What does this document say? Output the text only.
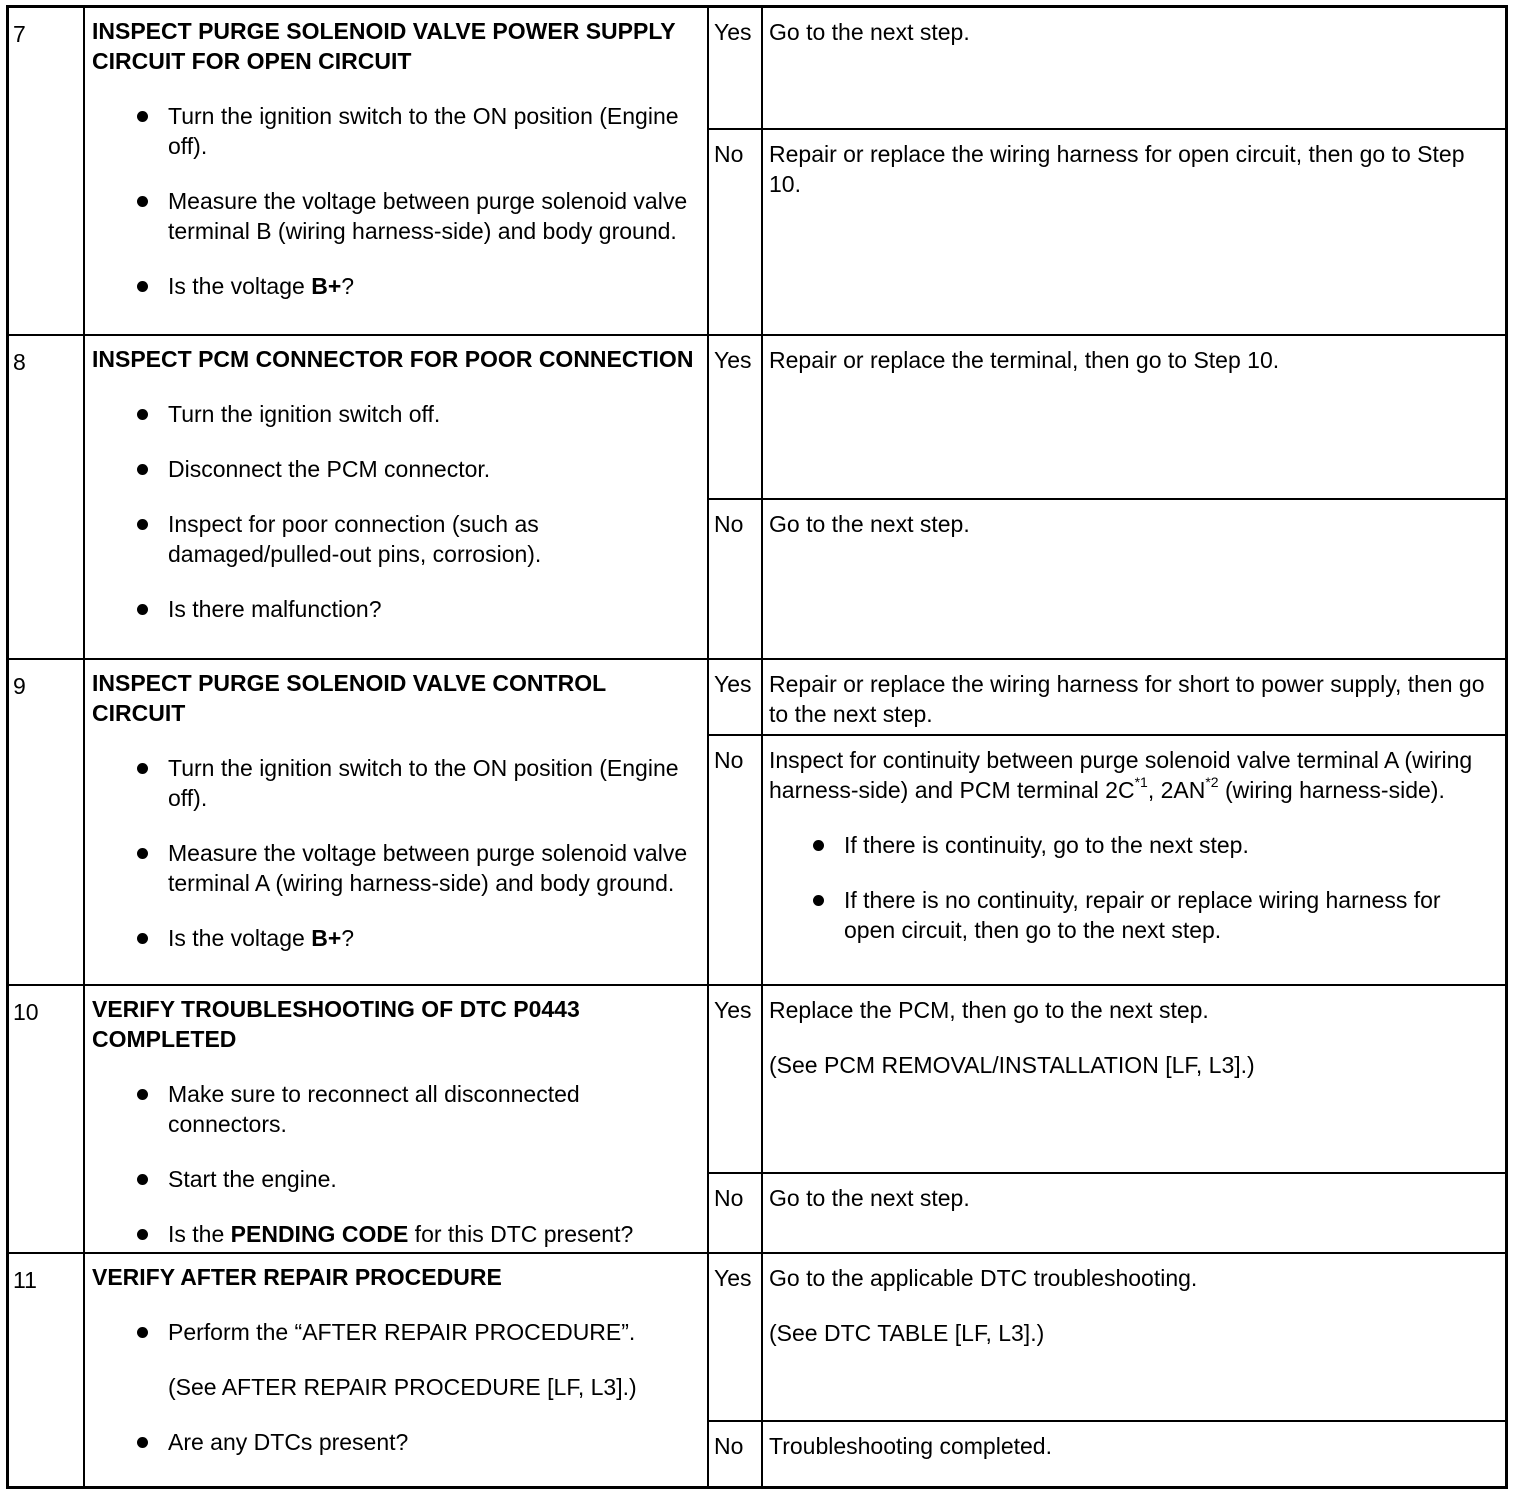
7	INSPECT PURGE SOLENOID VALVE POWER SUPPLY CIRCUIT FOR OPEN CIRCUIT

Turn the ignition switch to the ON position (Engine off).
Measure the voltage between purge solenoid valve terminal B (wiring harness-side) and body ground.
Is the voltage B+?
Yes Go to the next step.

No	Repair or replace the wiring harness for open circuit, then go to Step 10.

8	INSPECT PCM CONNECTOR FOR POOR CONNECTION

Turn the ignition switch off.
Disconnect the PCM connector.
Inspect for poor connection (such as damaged/pulled-out pins, corrosion).
Is there malfunction?
Yes Repair or replace the terminal, then go to Step 10.

No	Go to the next step.

9	INSPECT PURGE SOLENOID VALVE CONTROL CIRCUIT

Turn the ignition switch to the ON position (Engine off).
Measure the voltage between purge solenoid valve terminal A (wiring harness-side) and body ground.
Is the voltage B+?
Yes Repair or replace the wiring harness for short to power supply, then go to the next step.

No	Inspect for continuity between purge solenoid valve terminal A (wiring harness-side) and PCM terminal $2C^{*1}$, 2AN$^{*2}$ (wiring harness-side).

If there is continuity, go to the next step.
If there is no continuity, repair or replace wiring harness for open circuit, then go to the next step.
10	VERIFY TROUBLESHOOTING OF DTC P0443 COMPLETED

Make sure to reconnect all disconnected connectors.
Start the engine.
Is the PENDING CODE for this DTC present?
Yes Replace the PCM, then go to the next step.

(See PCM REMOVAL/INSTALLATION [LF, L3].)

No	Go to the next step.

11	VERIFY AFTER REPAIR PROCEDURE

Perform the “AFTER REPAIR PROCEDURE”.
(See AFTER REPAIR PROCEDURE [LF, L3].)
Are any DTCs present?
Yes Go to the applicable DTC troubleshooting.

(See DTC TABLE [LF, L3].)

No	Troubleshooting completed.
